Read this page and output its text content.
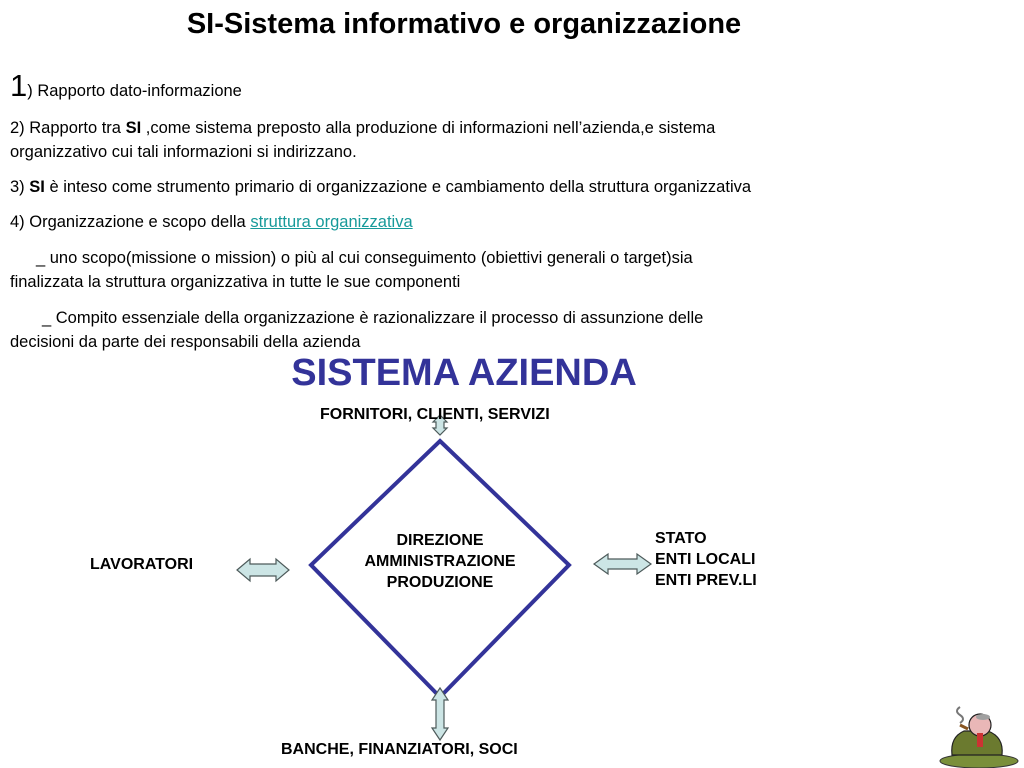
SI-Sistema informativo e organizzazione
1) Rapporto dato-informazione
2) Rapporto tra SI ,come sistema preposto alla produzione di informazioni nell’azienda,e sistema
organizzativo cui tali informazioni si indirizzano.
3) SI è inteso come strumento primario di organizzazione e cambiamento della struttura organizzativa
4) Organizzazione e scopo della struttura organizzativa
_ uno scopo(missione o mission) o più al cui conseguimento (obiettivi generali o target)sia
finalizzata la struttura organizzativa in tutte le sue componenti
_ Compito essenziale della organizzazione è razionalizzare il processo di assunzione delle
decisioni da parte dei responsabili della azienda
SISTEMA AZIENDA
FORNITORI, CLIENTI, SERVIZI
BANCHE, FINANZIATORI, SOCI
LAVORATORI
STATO
ENTI LOCALI
ENTI PREV.LI
DIREZIONE
AMMINISTRAZIONE
PRODUZIONE
